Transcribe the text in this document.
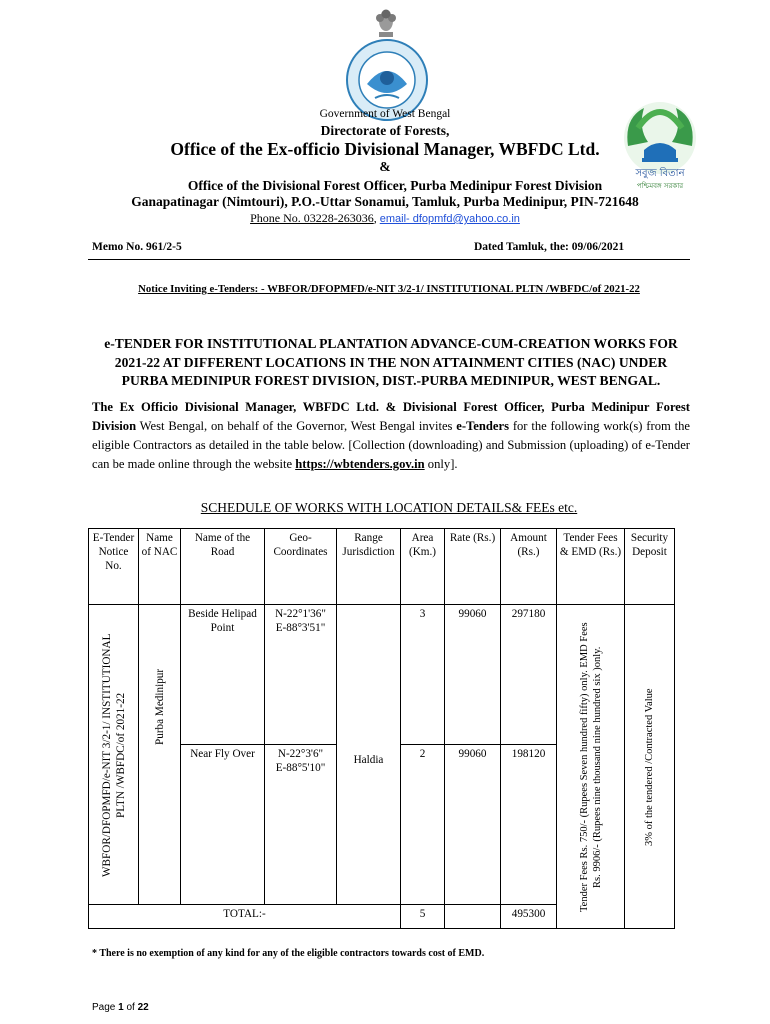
সবুজ বিতান
পশ্চিমবঙ্গ সরকার
Government of West Bengal
Directorate of Forests,
Office of the Ex-officio Divisional Manager, WBFDC Ltd.
&
Office of the Divisional Forest Officer, Purba Medinipur Forest Division
Ganapatinagar (Nimtouri), P.O.-Uttar Sonamui, Tamluk, Purba Medinipur, PIN-721648
Phone No. 03228-263036, email- dfopmfd@yahoo.co.in
Memo No. 961/2-5	Dated Tamluk, the: 09/06/2021
Notice Inviting e-Tenders: - WBFOR/DFOPMFD/e-NIT 3/2-1/ INSTITUTIONAL PLTN /WBFDC/of 2021-22
e-TENDER FOR INSTITUTIONAL PLANTATION ADVANCE-CUM-CREATION WORKS FOR 2021-22 AT DIFFERENT LOCATIONS IN THE NON ATTAINMENT CITIES (NAC) UNDER PURBA MEDINIPUR FOREST DIVISION, DIST.-PURBA MEDINIPUR, WEST BENGAL.
The Ex Officio Divisional Manager, WBFDC Ltd. & Divisional Forest Officer, Purba Medinipur Forest Division West Bengal, on behalf of the Governor, West Bengal invites e-Tenders for the following work(s) from the eligible Contractors as detailed in the table below. [Collection (downloading) and Submission (uploading) of e-Tender can be made online through the website https://wbtenders.gov.in only].
SCHEDULE OF WORKS WITH LOCATION DETAILS& FEEs etc.
E-Tender Notice No.	Name of NAC	Name of the Road	Geo-Coordinates	Range Jurisdiction	Area (Km.)	Rate (Rs.)	Amount (Rs.)	Tender Fees & EMD (Rs.)	Security Deposit

WBFOR/DFOPMFD/e-NIT 3/2-1/ INSTITUTIONAL PLTN /WBFDC/of 2021-22	Purba Medinipur	Beside Helipad Point	N-22°1'36"
E-88°3'51"	Haldia	3	99060	297180	Tender Fees Rs. 750/- (Rupees Seven hundred fifty) only. EMD Fees Rs. 9906/- (Rupees nine thousand nine hundred six )only.	3% of the tendered /Contracted Value

		Near Fly Over	N-22°3'6"
E-88°5'10"		2	99060	198120		
TOTAL:-					5		495300		
* There is no exemption of any kind for any of the eligible contractors towards cost of EMD.
Page 1 of 22
